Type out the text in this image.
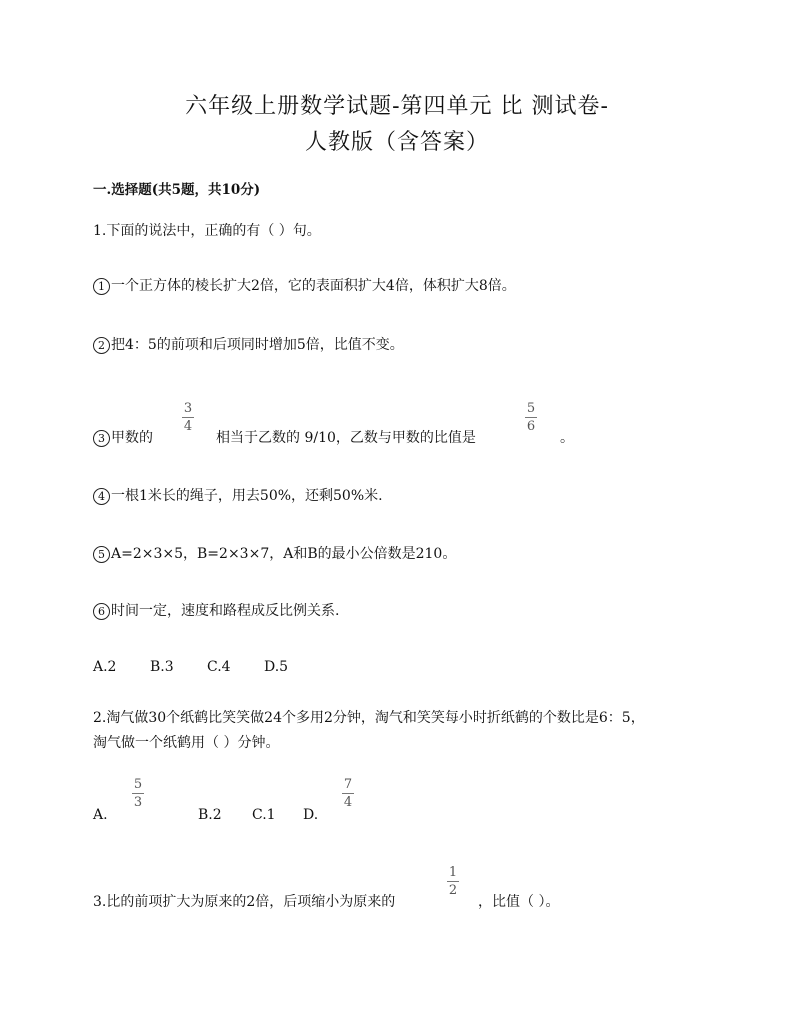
六年级上册数学试题-第四单元 比 测试卷-
人教版（含答案）
一.选择题(共5题，共10分)
1.下面的说法中，正确的有（ ）句。
1 一个正方体的棱长扩大2倍，它的表面积扩大4倍，体积扩大8倍。
2 把4：5的前项和后项同时增加5倍，比值不变。
3 甲数的
3
4
相当于乙数的 9/10，乙数与甲数的比值是
5
6
。
4 一根1米长的绳子，用去50%，还剩50%米.
5 A=2×3×5，B=2×3×7，A和B的最小公倍数是210。
6 时间一定，速度和路程成反比例关系.
A.2 B.3 C.4 D.5
2.淘气做30个纸鹤比笑笑做24个多用2分钟，淘气和笑笑每小时折纸鹤的个数比是6：5，
淘气做一个纸鹤用（ ）分钟。
A.
5
3
B.2 C.1 D.
7
4
3.比的前项扩大为原来的2倍，后项缩小为原来的
1
2
，比值（ ）。
